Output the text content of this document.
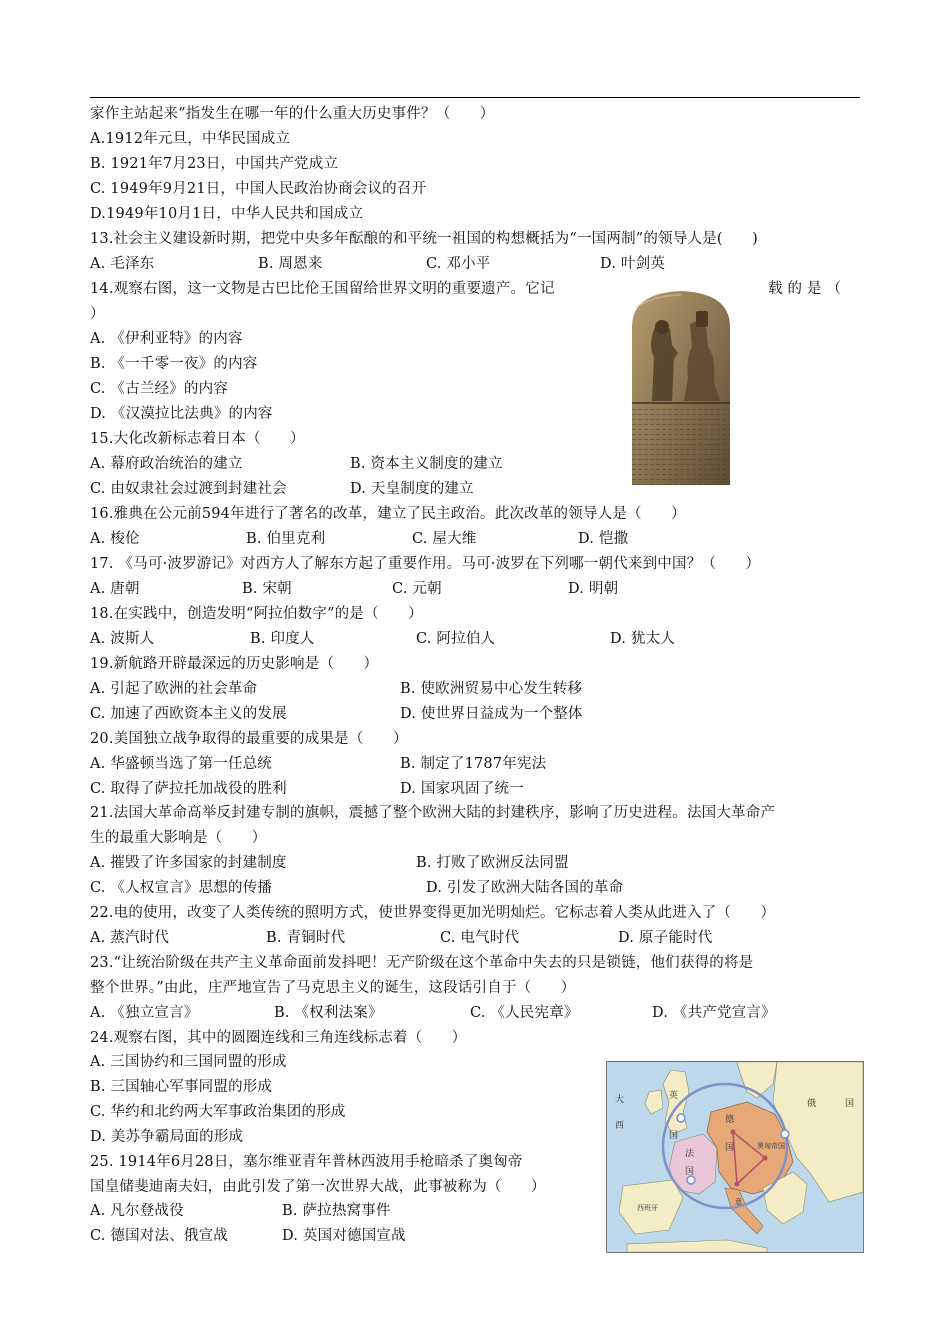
家作主站起来”指发生在哪一年的什么重大历史事件？（　　）
A.1912年元旦，中华民国成立
B. 1921年7月23日，中国共产党成立
C. 1949年9月21日，中国人民政治协商会议的召开
D.1949年10月1日，中华人民共和国成立
13.社会主义建设新时期，把党中央多年酝酿的和平统一祖国的构想概括为“一国两制”的领导人是(　　)
A. 毛泽东	B. 周恩来	C. 邓小平	D. 叶剑英
14.观察右图，这一文物是古巴比伦王国留给世界文明的重要遗产。它记	载 的 是 （
）
A. 《伊利亚特》的内容
B. 《一千零一夜》的内容
C. 《古兰经》的内容
D. 《汉漠拉比法典》的内容
15.大化改新标志着日本（　　）
A. 幕府政治统治的建立	B. 资本主义制度的建立
C. 由奴隶社会过渡到封建社会	D. 天皇制度的建立
16.雅典在公元前594年进行了著名的改革，建立了民主政治。此次改革的领导人是（　　）
A. 梭伦	B. 伯里克利	C. 屋大维	D. 恺撒
17. 《马可·波罗游记》对西方人了解东方起了重要作用。马可·波罗在下列哪一朝代来到中国？（　　）
A. 唐朝	B. 宋朝	C. 元朝	D. 明朝
18.在实践中，创造发明“阿拉伯数字”的是（　　）
A. 波斯人	B. 印度人	C. 阿拉伯人	D. 犹太人
19.新航路开辟最深远的历史影响是（　　）
A. 引起了欧洲的社会革命	B. 使欧洲贸易中心发生转移
C. 加速了西欧资本主义的发展	D. 使世界日益成为一个整体
20.美国独立战争取得的最重要的成果是（　　）
A. 华盛顿当选了第一任总统	B. 制定了1787年宪法
C. 取得了萨拉托加战役的胜利	D. 国家巩固了统一
21.法国大革命高举反封建专制的旗帜，震撼了整个欧洲大陆的封建秩序，影响了历史进程。法国大革命产
生的最重大影响是（　　）
A. 摧毁了许多国家的封建制度	B. 打败了欧洲反法同盟
C. 《人权宣言》思想的传播	D. 引发了欧洲大陆各国的革命
22.电的使用，改变了人类传统的照明方式，使世界变得更加光明灿烂。它标志着人类从此进入了（　　）
A. 蒸汽时代	B. 青铜时代	C. 电气时代	D. 原子能时代
23.“让统治阶级在共产主义革命面前发抖吧！无产阶级在这个革命中失去的只是锁链，他们获得的将是
整个世界。”由此，庄严地宣告了马克思主义的诞生，这段话引自于（　　）
A. 《独立宣言》	B. 《权利法案》	C. 《人民宪章》	D. 《共产党宣言》
24.观察右图，其中的圆圈连线和三角连线标志着（　　）
A. 三国协约和三国同盟的形成
B. 三国轴心军事同盟的形成
C. 华约和北约两大军事政治集团的形成
D. 美苏争霸局面的形成
25. 1914年6月28日，塞尔维亚青年普林西波用手枪暗杀了奥匈帝
国皇储斐迪南夫妇，由此引发了第一次世界大战，此事被称为（　　）
A. 凡尔登战役	B. 萨拉热窝事件
C. 德国对法、俄宣战	D. 英国对德国宣战
大
西
英
国
法
国
德
国
俄	国
奥匈帝国
意
西班牙
